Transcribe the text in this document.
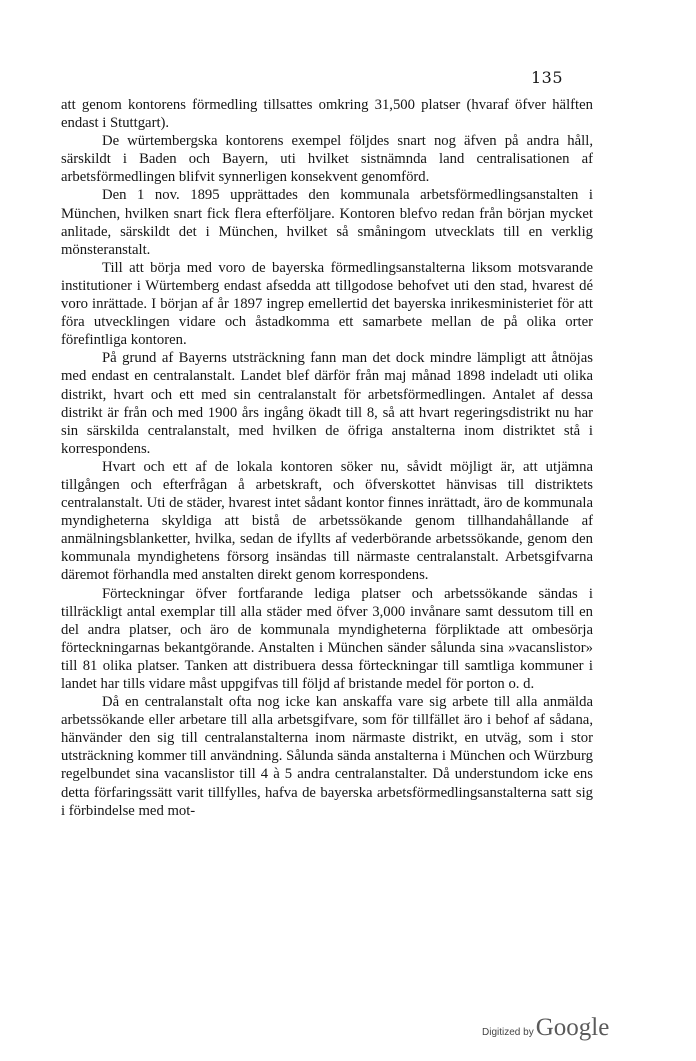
135

att genom kontorens förmedling tillsattes omkring 31,500 platser (hvaraf öfver hälften endast i Stuttgart).

De würtembergska kontorens exempel följdes snart nog äfven på andra håll, särskildt i Baden och Bayern, uti hvilket sistnämnda land centralisationen af arbetsförmedlingen blifvit synnerligen konsekvent genomförd.

Den 1 nov. 1895 upprättades den kommunala arbetsförmedlingsanstalten i München, hvilken snart fick flera efterföljare. Kontoren blefvo redan från början mycket anlitade, särskildt det i München, hvilket så småningom utvecklats till en verklig mönsteranstalt.

Till att börja med voro de bayerska förmedlingsanstalterna liksom motsvarande institutioner i Würtemberg endast afsedda att tillgodose behofvet uti den stad, hvarest dé voro inrättade. I början af år 1897 ingrep emellertid det bayerska inrikesministeriet för att föra utvecklingen vidare och åstadkomma ett samarbete mellan de på olika orter förefintliga kontoren.

På grund af Bayerns utsträckning fann man det dock mindre lämpligt att åtnöjas med endast en centralanstalt. Landet blef därför från maj månad 1898 indeladt uti olika distrikt, hvart och ett med sin centralanstalt för arbetsförmedlingen. Antalet af dessa distrikt är från och med 1900 års ingång ökadt till 8, så att hvart regeringsdistrikt nu har sin särskilda centralanstalt, med hvilken de öfriga anstalterna inom distriktet stå i korrespondens.

Hvart och ett af de lokala kontoren söker nu, såvidt möjligt är, att utjämna tillgången och efterfrågan å arbetskraft, och öfverskottet hänvisas till distriktets centralanstalt. Uti de städer, hvarest intet sådant kontor finnes inrättadt, äro de kommunala myndigheterna skyldiga att bistå de arbetssökande genom tillhandahållande af anmälningsblanketter, hvilka, sedan de ifyllts af vederbörande arbetssökande, genom den kommunala myndighetens försorg insändas till närmaste centralanstalt. Arbetsgifvarna däremot förhandla med anstalten direkt genom korrespondens.

Förteckningar öfver fortfarande lediga platser och arbetssökande sändas i tillräckligt antal exemplar till alla städer med öfver 3,000 invånare samt dessutom till en del andra platser, och äro de kommunala myndigheterna förpliktade att ombesörja förteckningarnas bekantgörande. Anstalten i München sänder sålunda sina »vacanslistor» till 81 olika platser. Tanken att distribuera dessa förteckningar till samtliga kommuner i landet har tills vidare måst uppgifvas till följd af bristande medel för porton o. d.

Då en centralanstalt ofta nog icke kan anskaffa vare sig arbete till alla anmälda arbetssökande eller arbetare till alla arbetsgifvare, som för tillfället äro i behof af sådana, hänvänder den sig till centralanstalterna inom närmaste distrikt, en utväg, som i stor utsträckning kommer till användning. Sålunda sända anstalterna i München och Würzburg regelbundet sina vacanslistor till 4 à 5 andra centralanstalter. Då understundom icke ens detta förfaringssätt varit tillfylles, hafva de bayerska arbetsförmedlingsanstalterna satt sig i förbindelse med mot-

Digitized by Google
